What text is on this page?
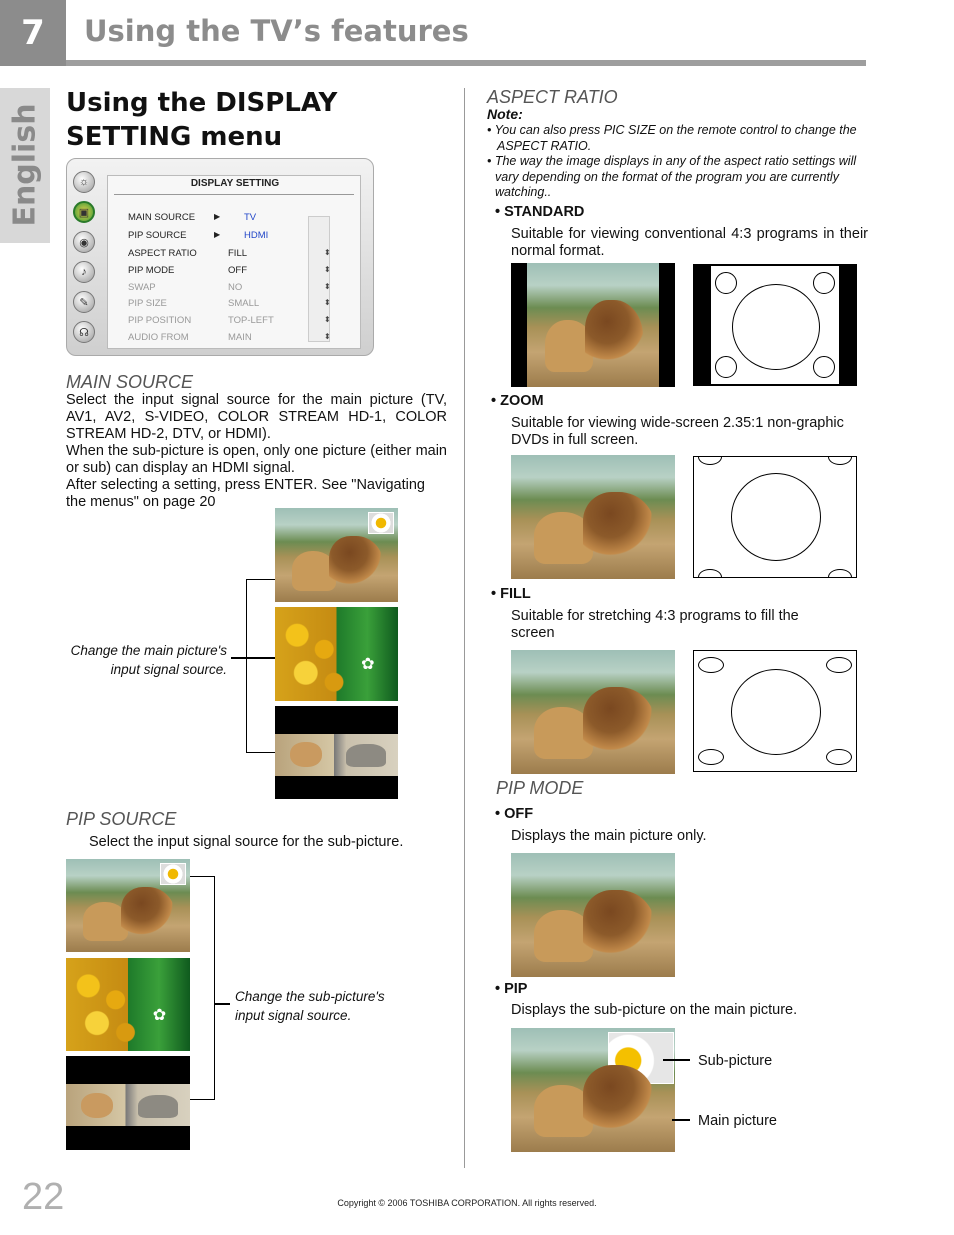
7	Using the TV’s features
English
Using the DISPLAY SETTING menu
☼
▣
◉
♪
✎
☊
DISPLAY SETTING
MAIN SOURCE ▶	TV
PIP SOURCE	▶	HDMI
ASPECT RATIO	FILL	⬍
PIP MODE	OFF	⬍
SWAP	NO	⬍
PIP SIZE	SMALL	⬍
PIP POSITION	TOP-LEFT	⬍
AUDIO FROM	MAIN	⬍
MAIN SOURCE
Select the input signal source for the main picture (TV, AV1, AV2, S-VIDEO, COLOR STREAM HD-1, COLOR STREAM HD-2, DTV, or HDMI).
When the sub-picture is open, only one picture (either main or sub) can display an HDMI signal.
After selecting a setting, press ENTER. See "Navigating the menus" on page 20
✿
Change the main picture's
input signal source.
PIP SOURCE
Select the input signal source for the sub-picture.
✿
Change the sub-picture's
input signal source.
ASPECT RATIO
Note:
• You can also press PIC SIZE on the remote control to change the
ASPECT RATIO.
• The way the image displays in any of the aspect ratio settings will
vary depending on the format of the program you are currently
watching..
• STANDARD
Suitable for viewing conventional 4:3 programs in their normal format.
• ZOOM
Suitable for viewing wide-screen 2.35:1 non-graphic DVDs in full screen.
• FILL
Suitable for stretching 4:3 programs to fill the screen
PIP MODE
• OFF
Displays the main picture only.
• PIP
Displays the sub-picture on the main picture.
Sub-picture
Main picture
22	Copyright © 2006 TOSHIBA CORPORATION. All rights reserved.
